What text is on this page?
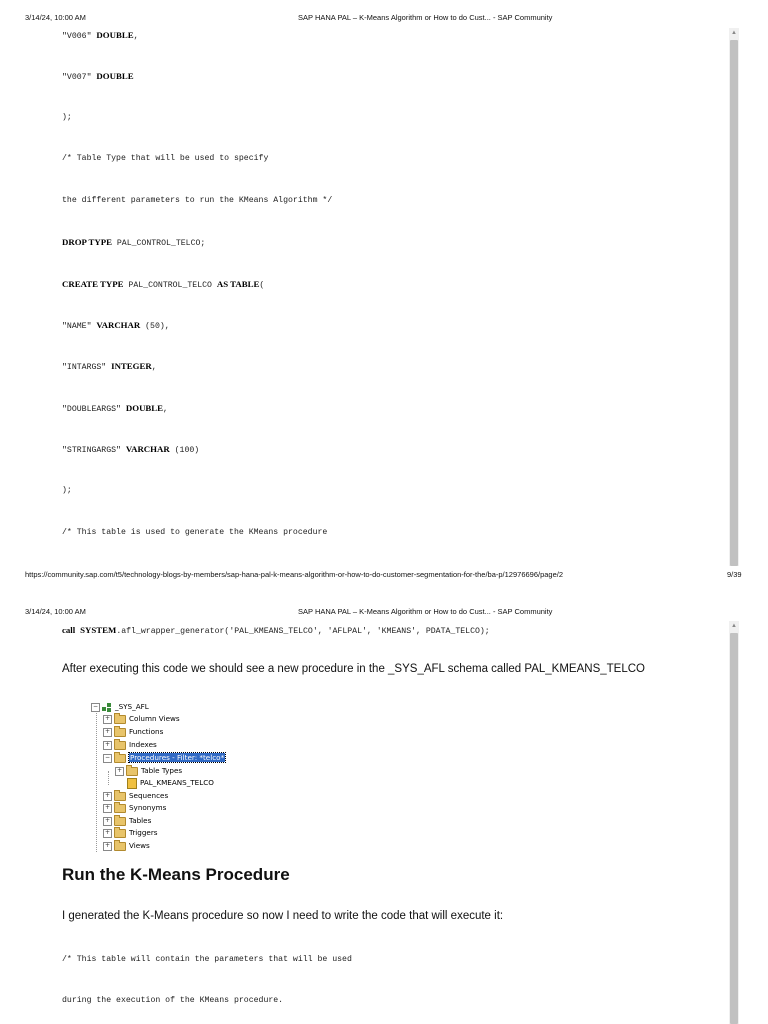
3/14/24, 10:00 AM	SAP HANA PAL – K-Means Algorithm or How to do Cust... - SAP Community
▲
"V006" DOUBLE,
"V007" DOUBLE
);
/* Table Type that will be used to specify
the different parameters to run the KMeans Algorithm */
DROP TYPE PAL_CONTROL_TELCO;
CREATE TYPE PAL_CONTROL_TELCO AS TABLE(
"NAME" VARCHAR (50),
"INTARGS" INTEGER,
"DOUBLEARGS" DOUBLE,
"STRINGARGS" VARCHAR (100)
);
/* This table is used to generate the KMeans procedure
https://community.sap.com/t5/technology-blogs-by-members/sap-hana-pal-k-means-algorithm-or-how-to-do-customer-segmentation-for-the/ba-p/12976696/page/2	9/39
3/14/24, 10:00 AM	SAP HANA PAL – K-Means Algorithm or How to do Cust... - SAP Community
▲
call SYSTEM.afl_wrapper_generator('PAL_KMEANS_TELCO', 'AFLPAL', 'KMEANS', PDATA_TELCO);
After executing this code we should see a new procedure in the _SYS_AFL schema called PAL_KMEANS_TELCO
− _SYS_AFL
+	Column Views
+	Functions
+	Indexes
−	Procedures - Filter: *telco*
+	Table Types
PAL_KMEANS_TELCO
+	Sequences
+	Synonyms
+	Tables
+	Triggers
+	Views
Run the K-Means Procedure
I generated the K-Means procedure so now I need to write the code that will execute it:
/* This table will contain the parameters that will be used
during the execution of the KMeans procedure.
